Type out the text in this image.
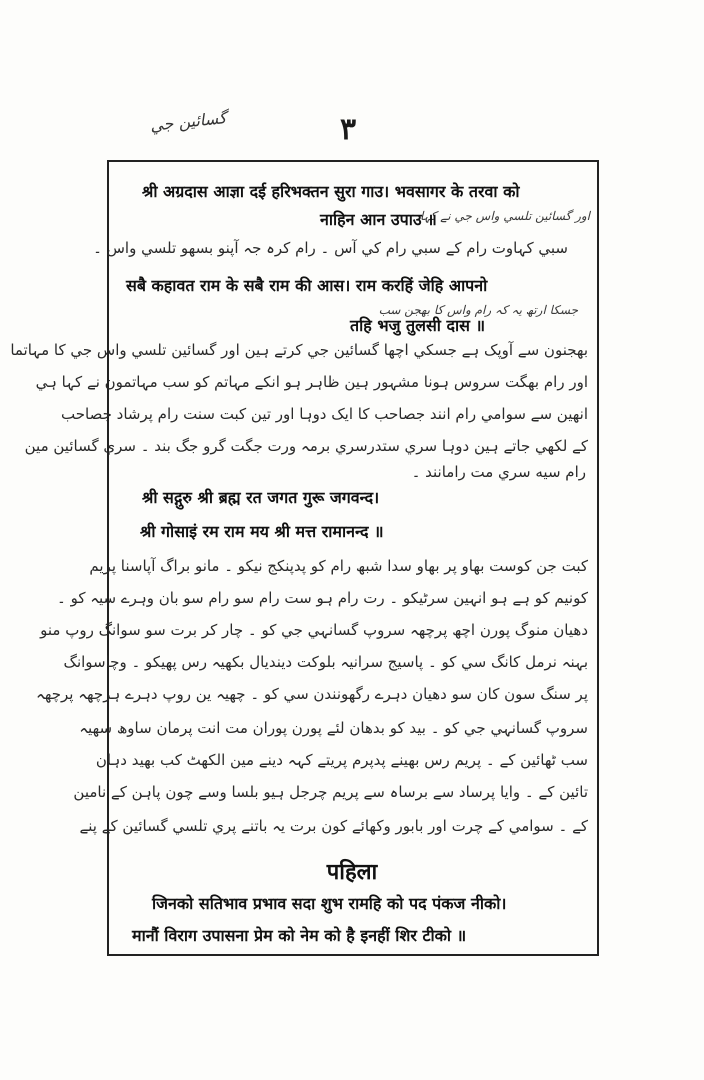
گسائين جي	۳
श्री अग्रदास आज्ञा दई हरिभक्तन सुरा गाउ। भवसागर के तरवा को
اور گسائين تلسي واس جي نے کہا
नाहिन आन उपाउ ॥
سبي کہاوت رام کے سبي رام کي آس ۔ رام کرہ جہ آپنو بسھو تلسي واس ۔
सबै कहावत राम के सबै राम की आस। राम करहिं जेहि आपनो
جسکا ارتھ یہ کہ رام واس کا بھجن سب
तहि भजु तुलसी दास ॥
بھجنون سے آوپک ہے جسکي اچھا گسائين جي کرتے ہين اور گسائين تلسي واس جي کا مہاتما
اور رام بھگت سروس ہونا مشہور ہين ظاہر ہو انکے مہاتم کو سب مہاتمون نے کہا ہي
انھين سے سوامي رام انند جصاحب کا ايک دوہا اور تين کبت سنت رام پرشاد جصاحب
کے لکھي جاتے ہين دوہا سري ستدرسري برمہ ورت جگت گرو جگ بند ۔ سري گسائين مين
رام سيه سري مت رامانند ۔
श्री सद्गुरु श्री ब्रह्म रत जगत गुरू जगवन्द।
श्री गोसाइं रम राम मय श्री मत्त रामानन्द ॥
کبت جن کوست بھاو پر بھاو سدا شبھ رام کو پدپنکج نيکو ۔ مانو براگ آپاسنا پريم
کونيم کو ہے ہو انہين سرٹيکو ۔ رت رام ہو ست رام سو رام سو بان وہرے سيہ کو ۔
دھيان منوگ پورن اچھ پرچھہ سروپ گسانہي جي کو ۔ چار کر برت سو سوانگ روپ منو
بہنہ نرمل کانگ سي کو ۔ پاسيج سرانيہ بلوکت دينديال بکھيہ رس پھيکو ۔ وچاسوانگ
پر سنگ سون کان سو دھيان دہرے رگھونندن سي کو ۔ چھيہ ين روپ دہرے ہرچھہ پرچھہ
سروپ گسانہي جي کو ۔ بيد کو بدھان لئے پورن پوران مت انت پرمان ساوھ سھيہ
سب ٹھائين کے ۔ پريم رس بھينے پدپرم پريتے کہہ دينے مين الکھٹ کب بھيد دہان
تائين کے ۔ وايا پرساد سے برساہ سے پريم چرجل ہيو بلسا وسے چون پاہن کے نامين
کے ۔ سوامي کے چرت اور بابور وکھائے کون برت يہ باتنے پري تلسي گسائين کے پنے
पहिला
जिनको सतिभाव प्रभाव सदा शुभ रामहि को पद पंकज नीको।
मानौं विराग उपासना प्रेम को नेम को है इनहीं शिर टीको ॥
